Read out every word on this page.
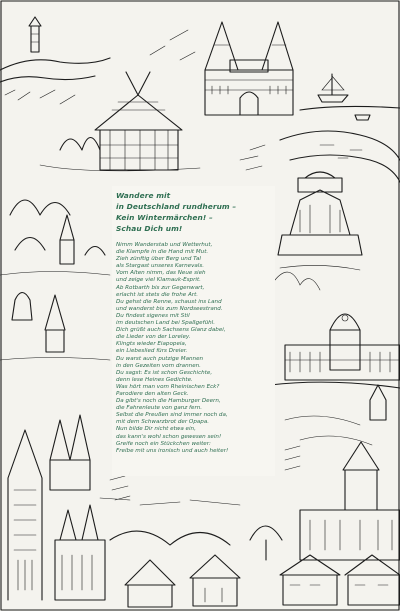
Wandere mit
in Deutschland rundherum –
Kein Wintermärchen! –
Schau Dich um!
Nimm Wanderstab und Wetterhut,
die Klampfe in die Hand mit Mut.
Zieh zünftig über Berg und Tal
als Stargast unseres Karnevals.
Vom Alten nimm, das Neue sieh
und zeige viel Klamauk-Esprit.
Ab Rotbarth bis zur Gegenwart,
erlacht ist stets die frohe Art.
Du gehst die Renne, schaust ins Land
und wanderst bis zum Nordseestrand.
Du findest sigenes mit Stil
im deutschen Land bei Spaßgefühl.
Dich grüßt auch Sachsens Glanz dabei,
die Lieder von der Loreley.
Klingts wieder Eiapopeia,
ein Liebeslied fürs Dreier.
Du warst auch putzige Mannen
in den Gezeiten vom drannen.
Du sagst: Es ist schon Geschichte,
denn lese Heines Gedichte.
Was hört man vom Rheinischen Eck?
Parodiere den alten Geck.
Da gibt's noch die Hamburger Deern,
die Fahrenleute von ganz fern.
Selbst die Preußen sind immer noch da,
mit dem Schwarzbrot der Opapa.
Nun bilde Dir nicht etwa ein,
das kann's wohl schon gewesen sein!
Greife noch ein Stückchen weiter:
Freibe mit uns ironisch und auch heiter!
